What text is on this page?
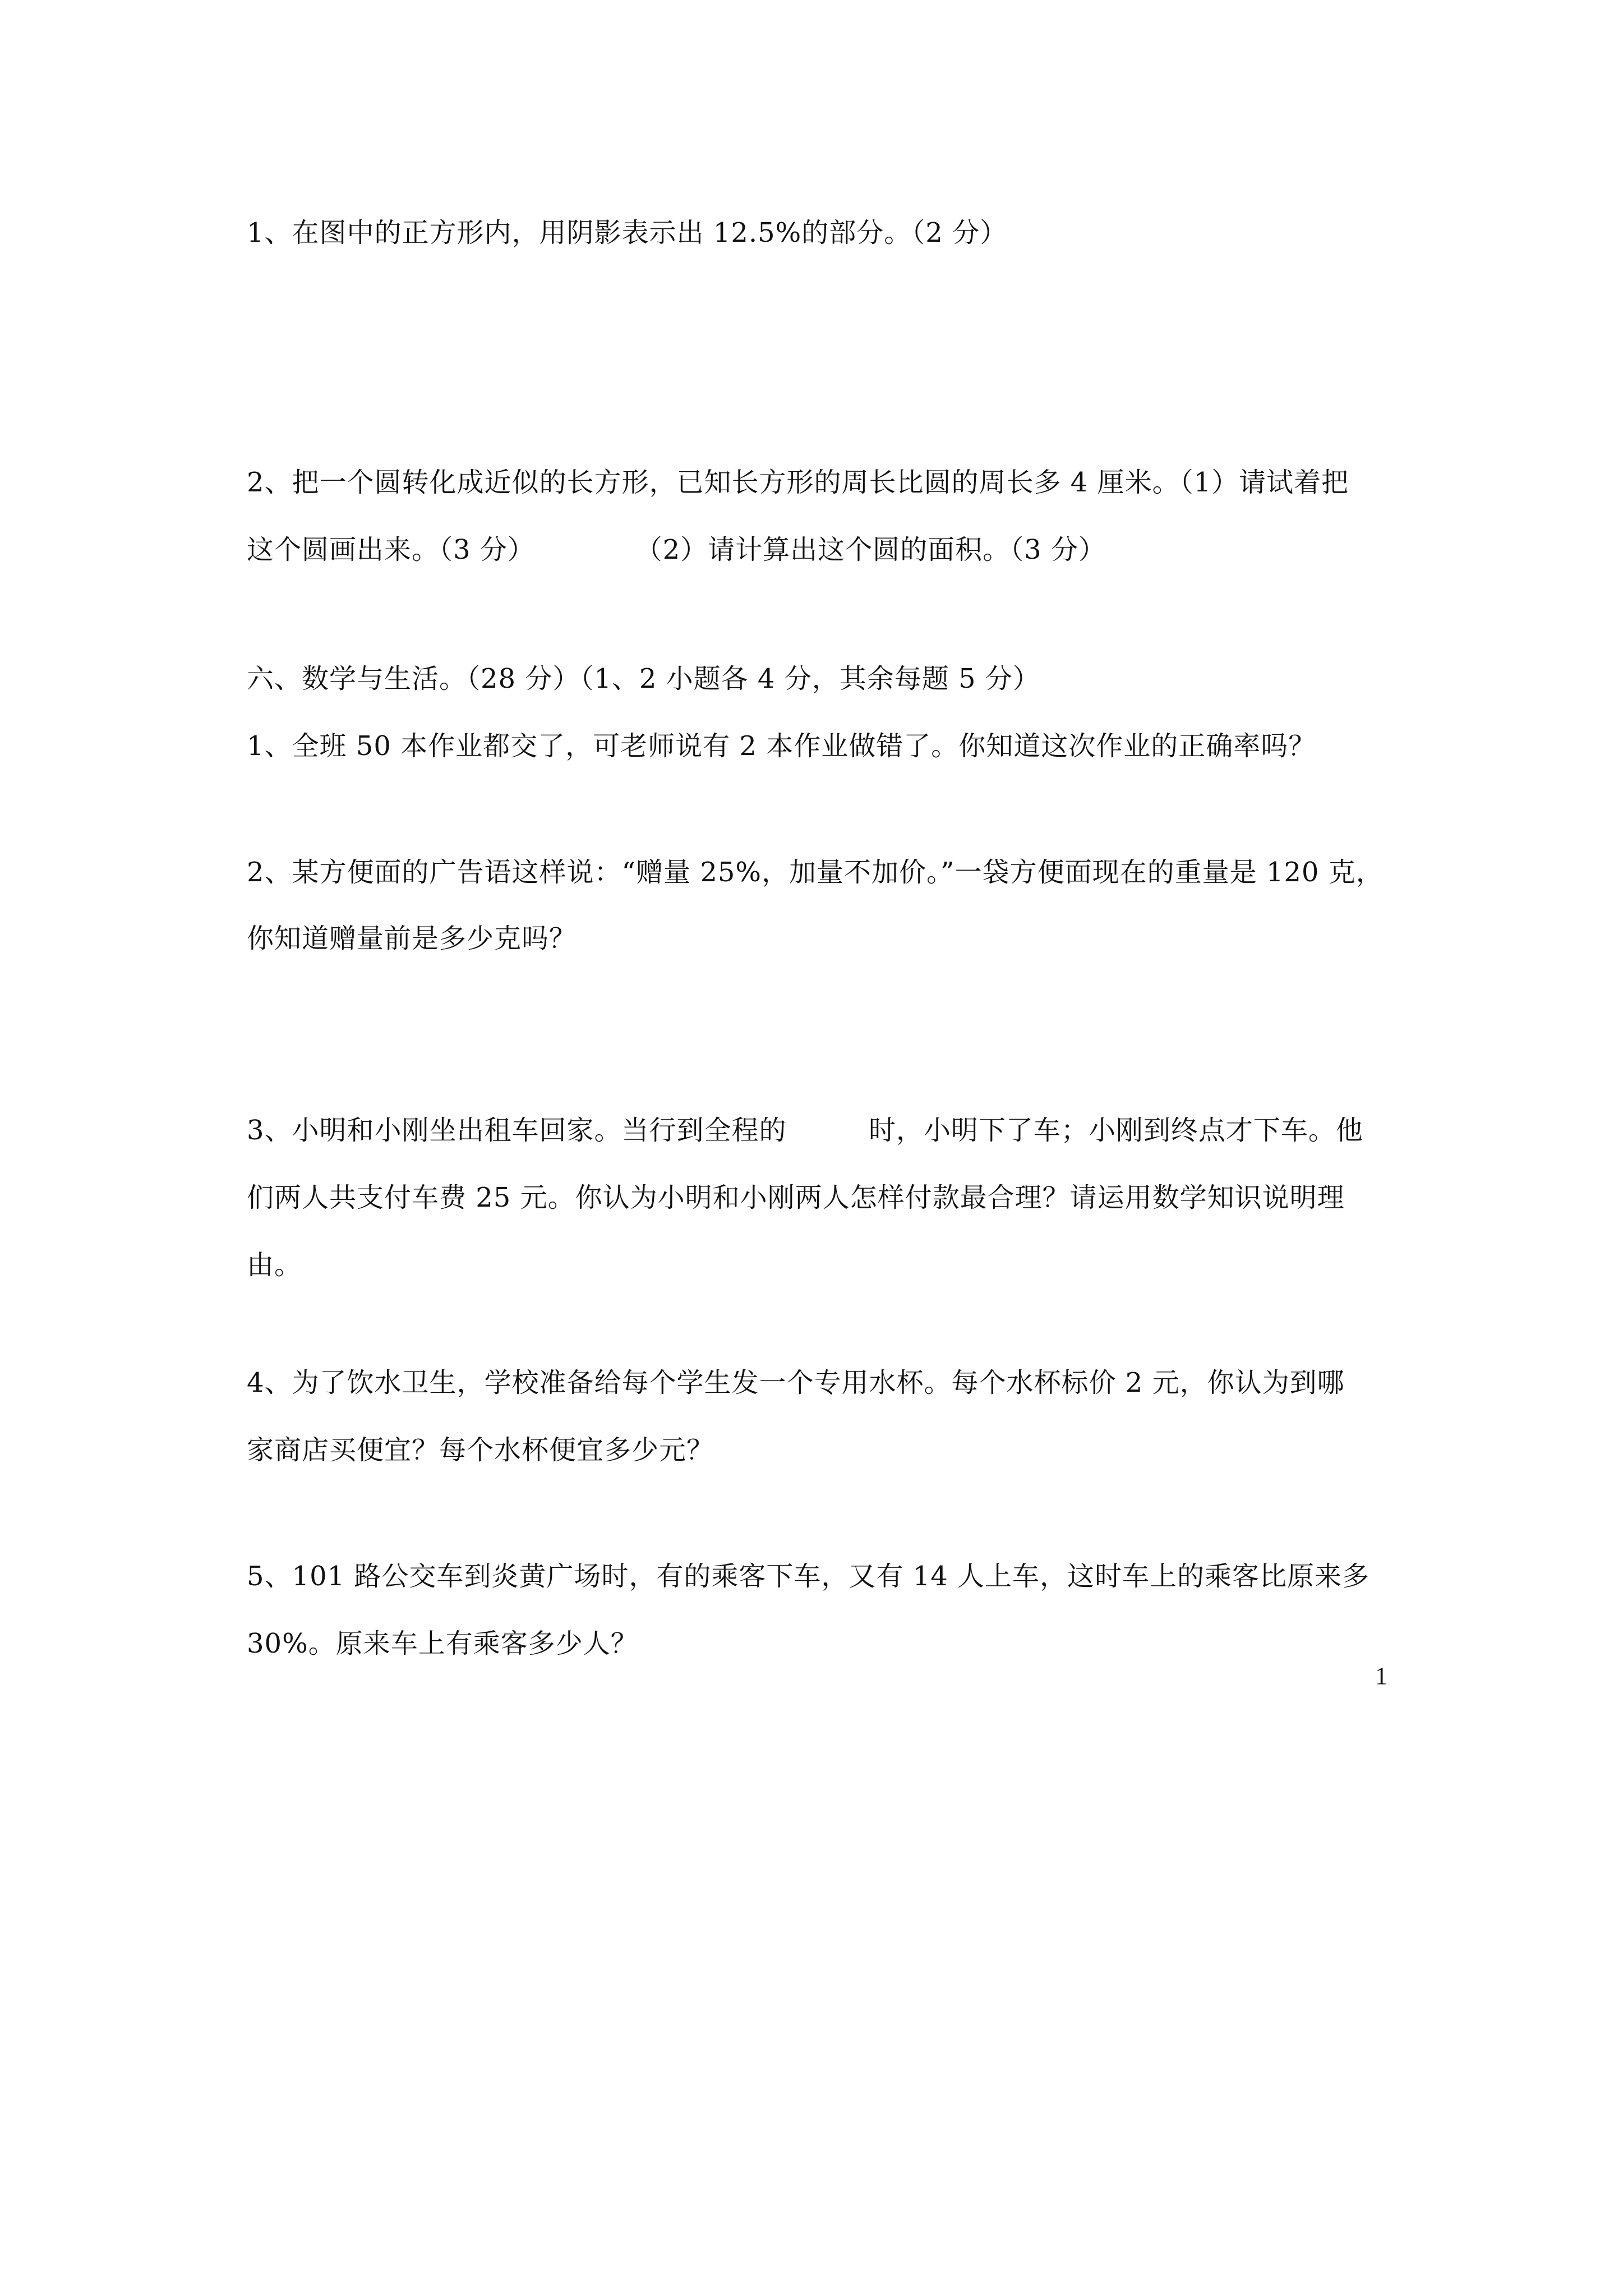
1、在图中的正方形内，用阴影表示出 12.5%的部分。（2 分）
2、把一个圆转化成近似的长方形，已知长方形的周长比圆的周长多 4 厘米。（1）请试着把
这个圆画出来。（3 分）           （2）请计算出这个圆的面积。（3 分）
六、数学与生活。（28 分）（1、2 小题各 4 分，其余每题 5 分）
1、全班 50 本作业都交了，可老师说有 2 本作业做错了。你知道这次作业的正确率吗？
2、某方便面的广告语这样说：“赠量 25%，加量不加价。”一袋方便面现在的重量是 120 克，
你知道赠量前是多少克吗？
3、小明和小刚坐出租车回家。当行到全程的         时，小明下了车；小刚到终点才下车。他
们两人共支付车费 25 元。你认为小明和小刚两人怎样付款最合理？请运用数学知识说明理
由。
4、为了饮水卫生，学校准备给每个学生发一个专用水杯。每个水杯标价 2 元，你认为到哪
家商店买便宜？每个水杯便宜多少元？
5、101 路公交车到炎黄广场时，有的乘客下车，又有 14 人上车，这时车上的乘客比原来多
30%。原来车上有乘客多少人？
1
